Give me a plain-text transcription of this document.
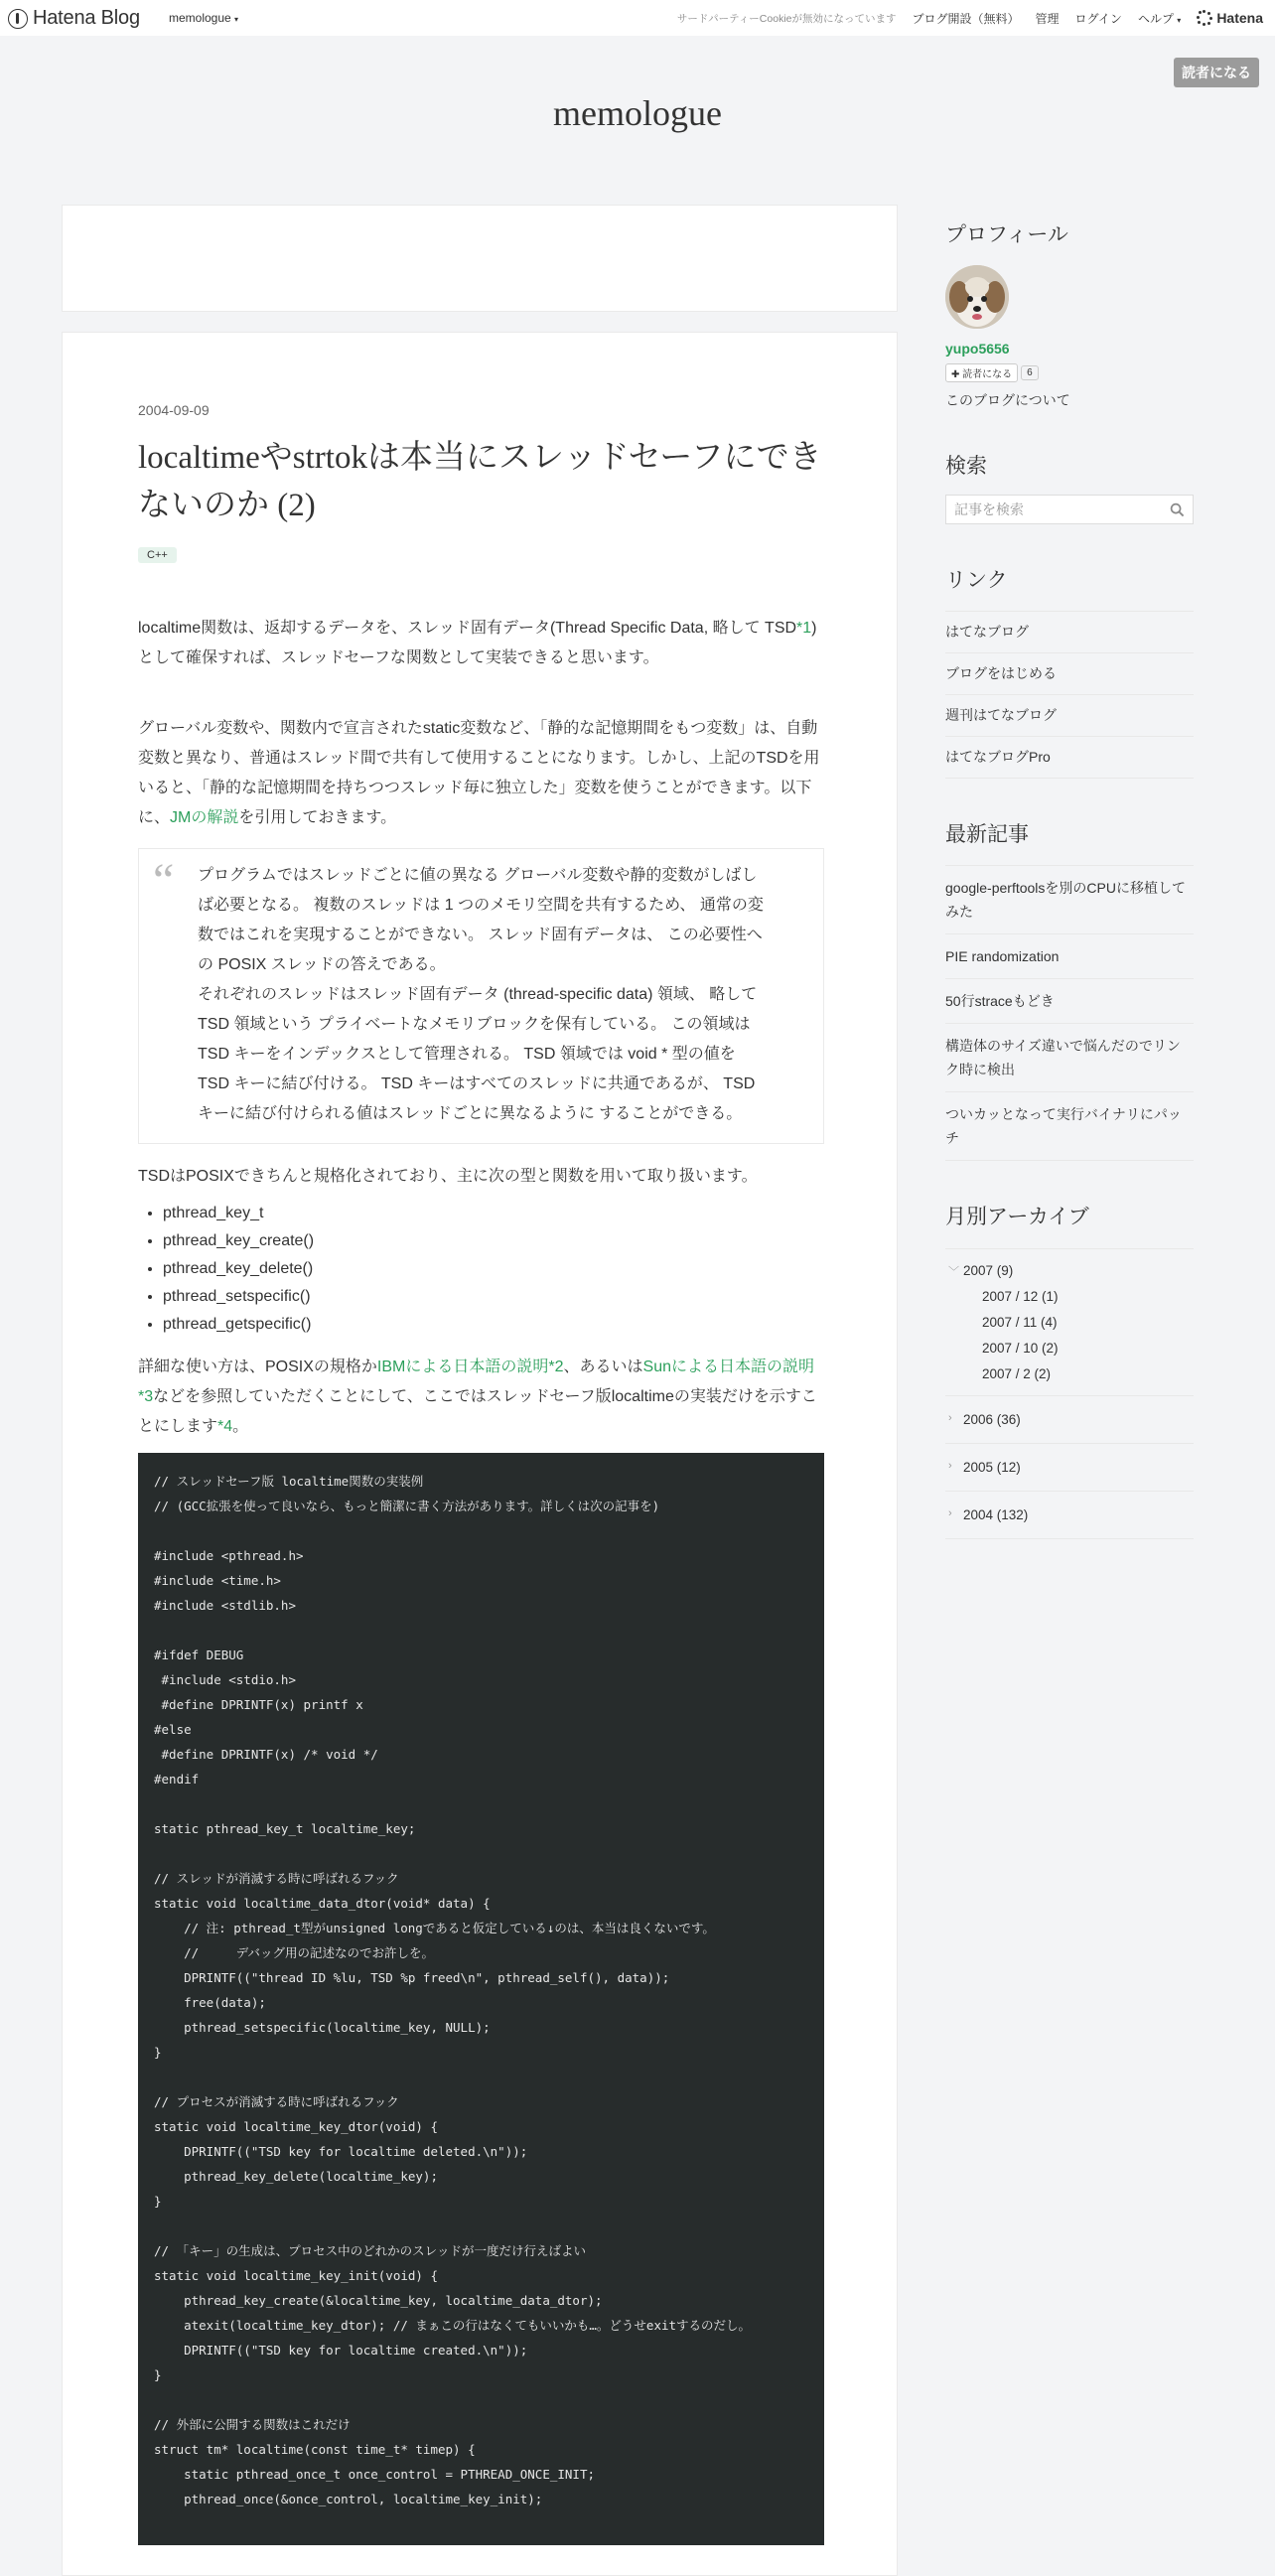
Hatena Blog memologue ▾	サードパーティーCookieが無効になっています ブログ開設（無料） 管理 ログイン ヘルプ ▾	Hatena
読者になる
memologue
2004-09-09
localtimeやstrtokは本当にスレッドセーフにできないのか (2)
C++
localtime関数は、返却するデータを、スレッド固有データ(Thread Specific Data, 略して TSD*1)として確保すれば、スレッドセーフな関数として実装できると思います。
グローバル変数や、関数内で宣言されたstatic変数など、「静的な記憶期間をもつ変数」は、自動変数と異なり、普通はスレッド間で共有して使用することになります。しかし、上記のTSDを用いると、「静的な記憶期間を持ちつつスレッド毎に独立した」変数を使うことができます。以下に、JMの解説を引用しておきます。
“ プログラムではスレッドごとに値の異なる グローバル変数や静的変数がしばし
ば必要となる。 複数のスレッドは 1 つのメモリ空間を共有するため、 通常の変
数ではこれを実現することができない。 スレッド固有データは、 この必要性へ
の POSIX スレッドの答えである。
それぞれのスレッドはスレッド固有データ (thread-specific data) 領域、 略して
TSD 領域という プライベートなメモリブロックを保有している。 この領域は
TSD キーをインデックスとして管理される。 TSD 領域では void * 型の値を
TSD キーに結び付ける。 TSD キーはすべてのスレッドに共通であるが、 TSD
キーに結び付けられる値はスレッドごとに異なるように することができる。
TSDはPOSIXできちんと規格化されており、主に次の型と関数を用いて取り扱います。
• pthread_key_t
• pthread_key_create()
• pthread_key_delete()
• pthread_setspecific()
• pthread_getspecific()
詳細な使い方は、POSIXの規格かIBMによる日本語の説明*2、あるいはSunによる日本語の説明*3などを参照していただくことにして、ここではスレッドセーフ版localtimeの実装だけを示すことにします*4。
// スレッドセーフ版 localtime関数の実装例
// (GCC拡張を使って良いなら、もっと簡潔に書く方法があります。詳しくは次の記事を)

#include <pthread.h>
#include <time.h>
#include <stdlib.h>

#ifdef DEBUG
#include <stdio.h>
#define DPRINTF(x) printf x
#else
#define DPRINTF(x) /* void */
#endif

static pthread_key_t localtime_key;

// スレッドが消滅する時に呼ばれるフック
static void localtime_data_dtor(void* data) {
// 注: pthread_t型がunsigned longであると仮定している↓のは、本当は良くないです。
//     デバッグ用の記述なのでお許しを。
DPRINTF(("thread ID %lu, TSD %p freed\n", pthread_self(), data));
free(data);
pthread_setspecific(localtime_key, NULL);
}

// プロセスが消滅する時に呼ばれるフック
static void localtime_key_dtor(void) {
DPRINTF(("TSD key for localtime deleted.\n"));
pthread_key_delete(localtime_key);
}

// 「キー」の生成は、プロセス中のどれかのスレッドが一度だけ行えばよい
static void localtime_key_init(void) {
pthread_key_create(&localtime_key, localtime_data_dtor);
atexit(localtime_key_dtor); // まぁこの行はなくてもいいかも…。どうせexitするのだし。
DPRINTF(("TSD key for localtime created.\n"));
}

// 外部に公開する関数はこれだけ
struct tm* localtime(const time_t* timep) {
static pthread_once_t once_control = PTHREAD_ONCE_INIT;
pthread_once(&once_control, localtime_key_init);
プロフィール
yupo5656
✚ 読者になる	6
このブログについて
検索
記事を検索
リンク
はてなブログ
ブログをはじめる
週刊はてなブログ
はてなブログPro
最新記事
google-perftoolsを別のCPUに移植してみた
PIE randomization
50行straceもどき
構造体のサイズ違いで悩んだのでリンク時に検出
ついカッとなって実行バイナリにパッチ
月別アーカイブ
﹀ 2007 (9)
2007 / 12 (1)
2007 / 11 (4)
2007 / 10 (2)
2007 / 2 (2)
› 2006 (36)
› 2005 (12)
› 2004 (132)
